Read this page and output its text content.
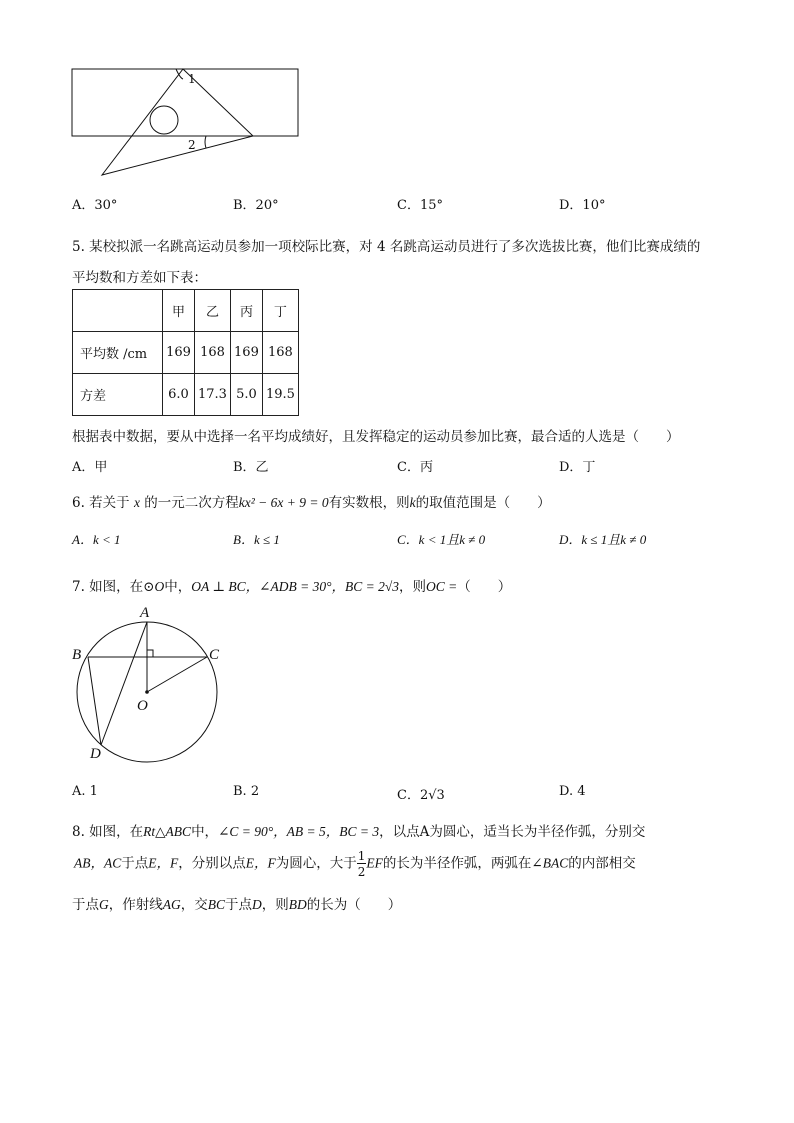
1
2
A．30°	B．20°	C．15°	D．10°
5. 某校拟派一名跳高运动员参加一项校际比赛，对 4 名跳高运动员进行了多次选拔比赛，他们比赛成绩的
平均数和方差如下表：
	甲	乙	丙	丁
平均数 /cm	169	168	169	168
方差	6.0	17.3	5.0	19.5
根据表中数据，要从中选择一名平均成绩好，且发挥稳定的运动员参加比赛，最合适的人选是（　　）
A．甲	B．乙	C．丙	D．丁
6. 若关于 x 的一元二次方程kx² − 6x + 9 = 0有实数根，则k的取值范围是（　　）
A．k < 1	B．k ≤ 1	C．k < 1且k ≠ 0	D．k ≤ 1且k ≠ 0
7. 如图，在⊙O中，OA ⊥ BC，∠ADB = 30°，BC = 2√3，则OC =（　　）
A
B	C
O
D
A. 1	B. 2	C．2√3	D. 4
8. 如图，在Rt△ABC中，∠C = 90°，AB = 5，BC = 3，以点A为圆心，适当长为半径作弧，分别交
AB，AC于点E，F，分别以点E，F为圆心，大于 $\frac{1}{2}$ EF的长为半径作弧，两弧在∠BAC的内部相交
于点G，作射线AG，交BC于点D，则BD的长为（　　）
